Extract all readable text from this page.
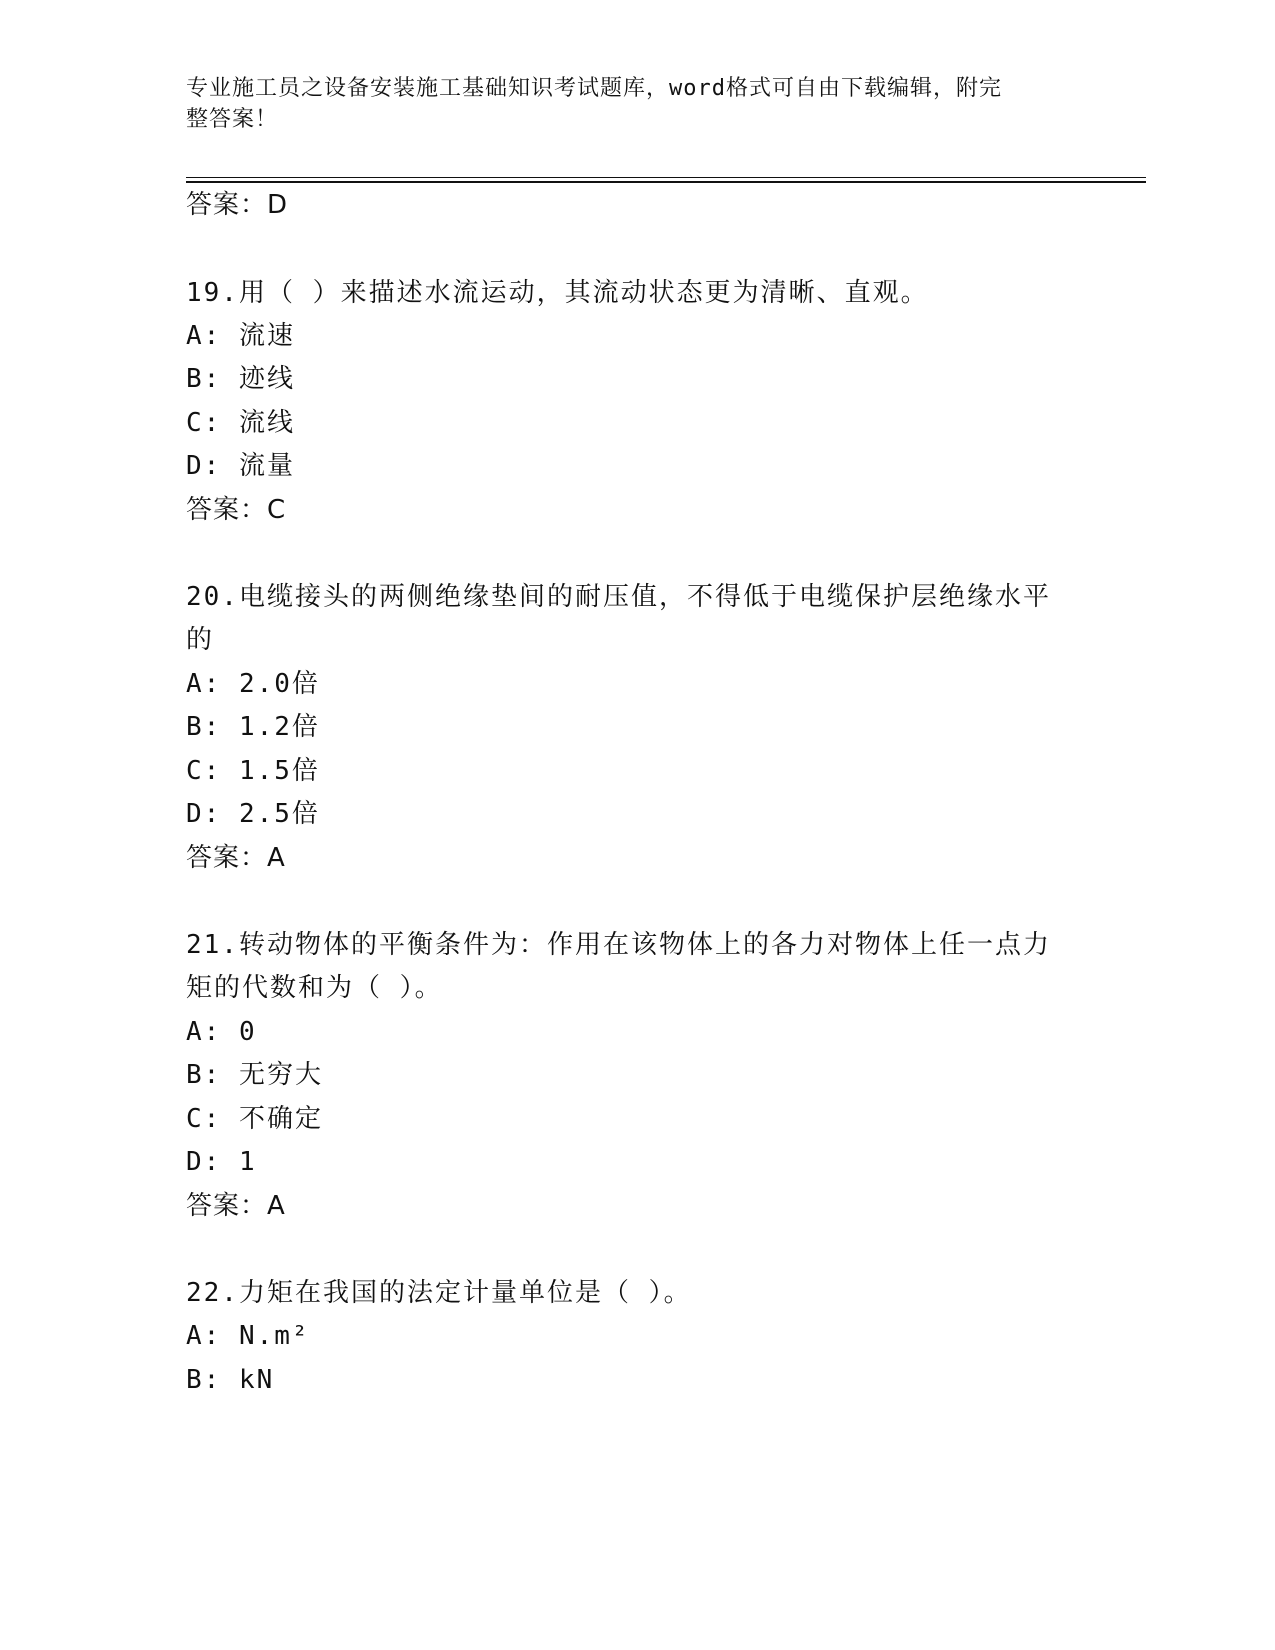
专业施工员之设备安装施工基础知识考试题库，word格式可自由下载编辑，附完
整答案！
答案：D
19.用（ ）来描述水流运动，其流动状态更为清晰、直观。
A: 流速
B: 迹线
C: 流线
D: 流量
答案：C
20.电缆接头的两侧绝缘垫间的耐压值，不得低于电缆保护层绝缘水平
的
A: 2.0倍
B: 1.2倍
C: 1.5倍
D: 2.5倍
答案：A
21.转动物体的平衡条件为：作用在该物体上的各力对物体上任一点力
矩的代数和为（ ）。
A: 0
B: 无穷大
C: 不确定
D: 1
答案：A
22.力矩在我国的法定计量单位是（ ）。
A: N.m²
B: kN
